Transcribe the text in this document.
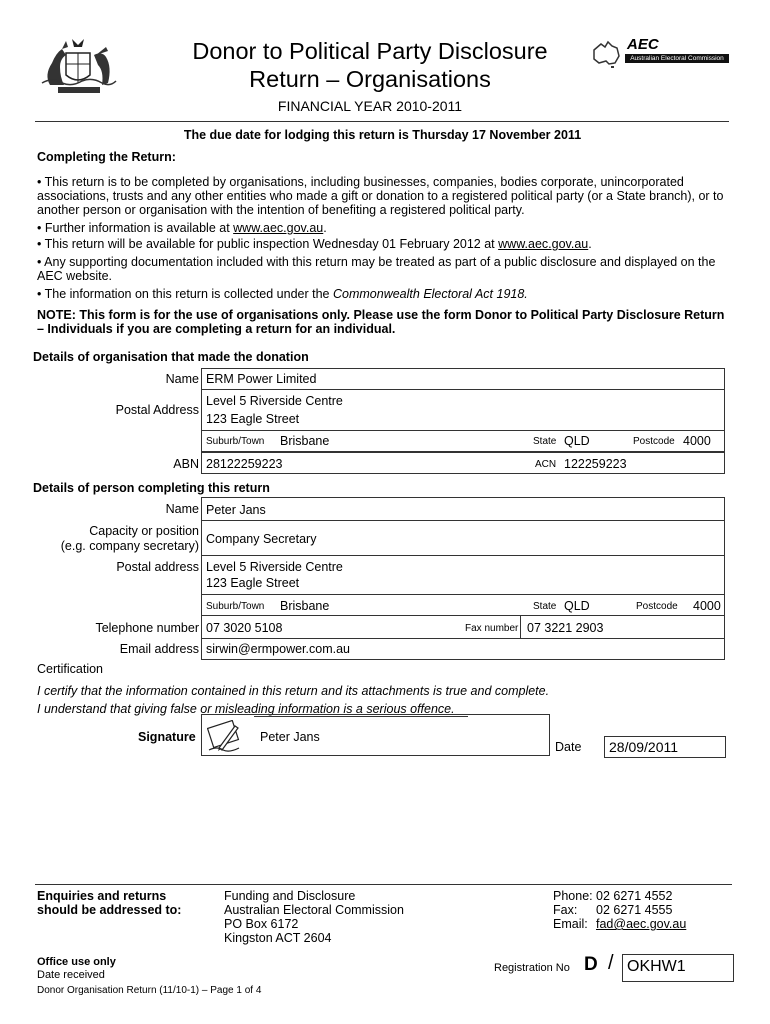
Donor to Political Party Disclosure
Return – Organisations
FINANCIAL YEAR 2010-2011
AEC
Australian Electoral Commission
The due date for lodging this return is Thursday 17 November 2011
Completing the Return:
• This return is to be completed by organisations, including businesses, companies, bodies corporate, unincorporated associations, trusts and any other entities who made a gift or donation to a registered political party (or a State branch), or to another person or organisation with the intention of benefiting a registered political party.
• Further information is available at www.aec.gov.au.
• This return will be available for public inspection Wednesday 01 February 2012 at www.aec.gov.au.
• Any supporting documentation included with this return may be treated as part of a public disclosure and displayed on the AEC website.
• The information on this return is collected under the Commonwealth Electoral Act 1918.
NOTE: This form is for the use of organisations only. Please use the form Donor to Political Party Disclosure Return – Individuals if you are completing a return for an individual.
Details of organisation that made the donation
Name ERM Power Limited
Postal Address
Level 5 Riverside Centre
123 Eagle Street
Suburb/Town Brisbane	State QLD	Postcode 4000
ABN 28122259223	ACN 122259223
Details of person completing this return
Name Peter Jans
Capacity or position
(e.g. company secretary) Company Secretary
Postal address Level 5 Riverside Centre
123 Eagle Street
Suburb/Town Brisbane	State QLD	Postcode 4000
Telephone number 07 3020 5108	Fax number 07 3221 2903
Email address sirwin@ermpower.com.au
Certification
I certify that the information contained in this return and its attachments is true and complete.
I understand that giving false or misleading information is a serious offence.
Signature	Peter Jans
Date 28/09/2011
Enquiries and returns
should be addressed to:
Funding and Disclosure
Australian Electoral Commission
PO Box 6172
Kingston ACT 2604
Phone: 02 6271 4552
Fax: 02 6271 4555
Email: fad@aec.gov.au
Office use only
Date received
Donor Organisation Return (11/10-1) – Page 1 of 4
Registration No D / OKHW1
